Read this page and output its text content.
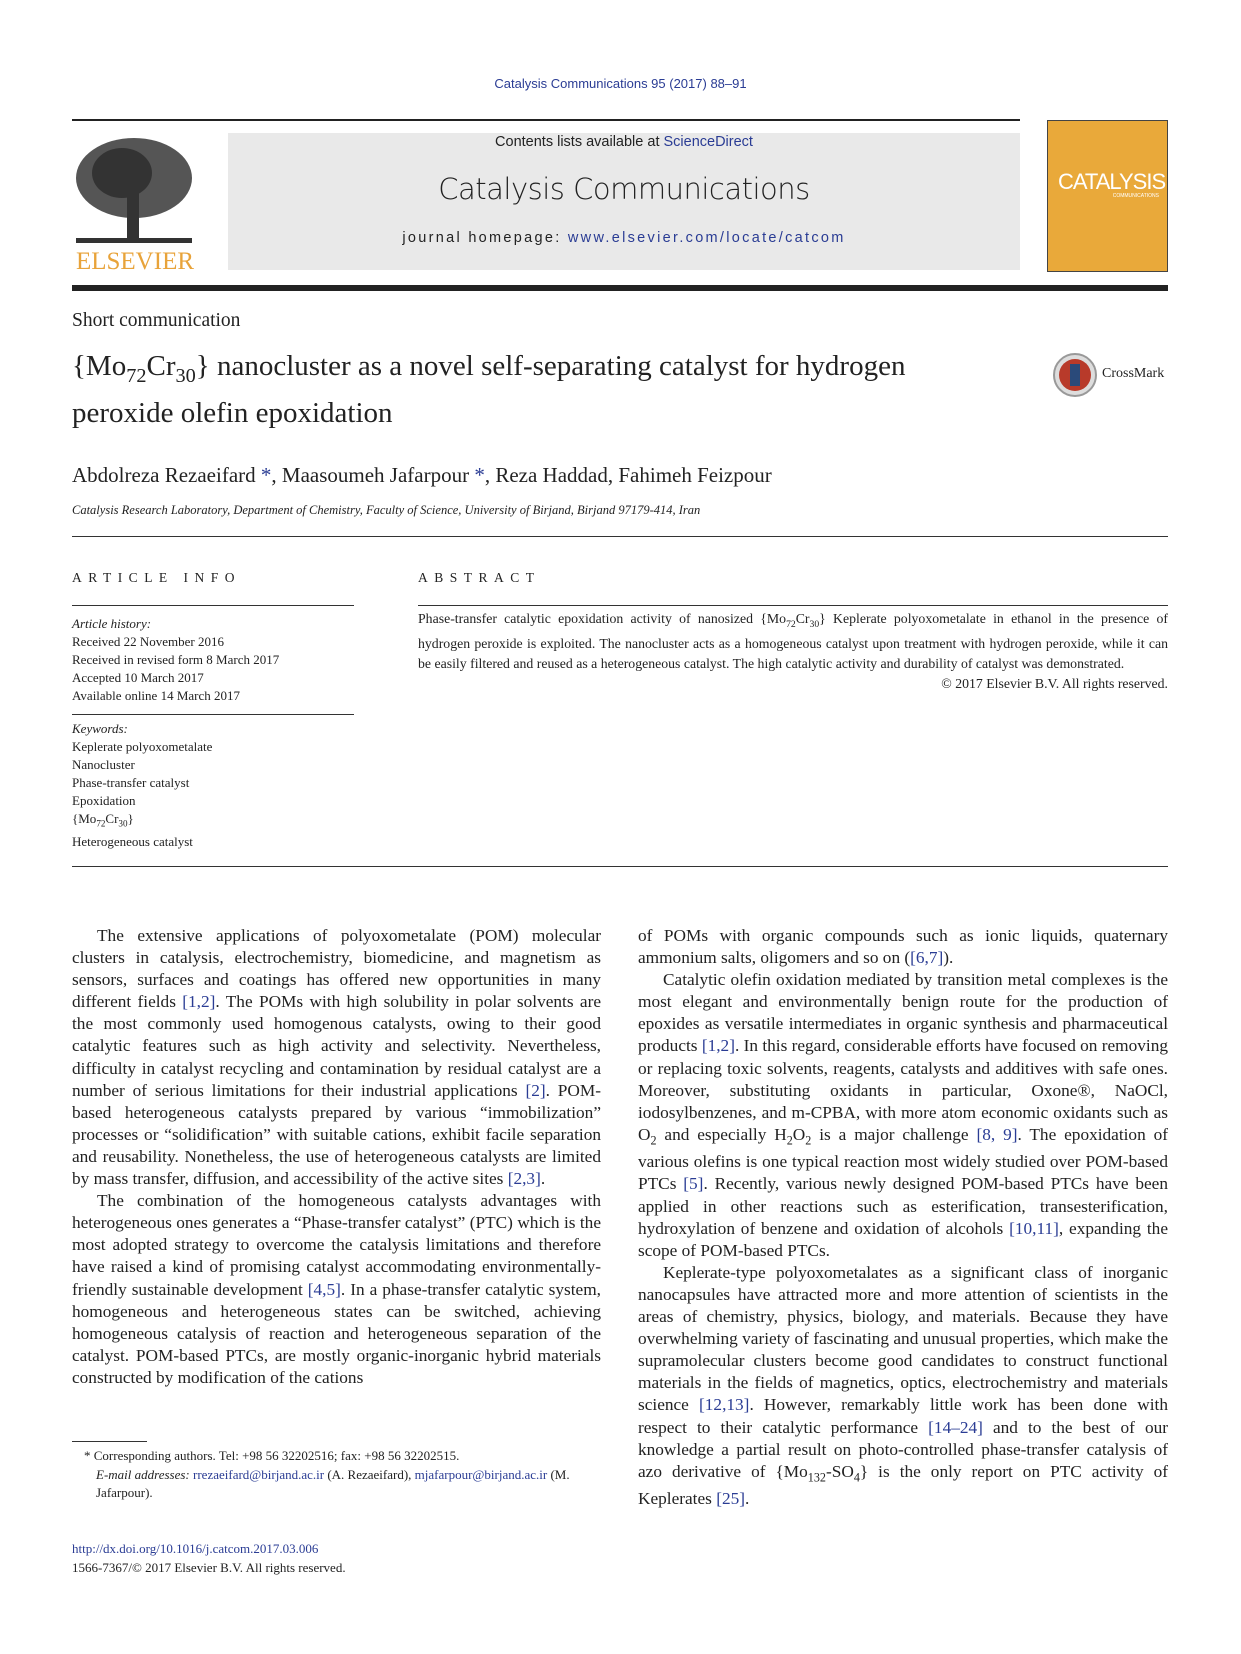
Catalysis Communications 95 (2017) 88–91
ELSEVIER
Contents lists available at ScienceDirect
Catalysis Communications
journal homepage: www.elsevier.com/locate/catcom
CATALYSIS
COMMUNICATIONS
Short communication
$\{Mo_{72}Cr_{30}\}$ nanocluster as a novel self-separating catalyst for hydrogen peroxide olefin epoxidation
CrossMark
Abdolreza Rezaeifard *, Maasoumeh Jafarpour *, Reza Haddad, Fahimeh Feizpour
Catalysis Research Laboratory, Department of Chemistry, Faculty of Science, University of Birjand, Birjand 97179-414, Iran
ARTICLE INFO
Article history:
Received 22 November 2016
Received in revised form 8 March 2017
Accepted 10 March 2017
Available online 14 March 2017
Keywords:
Keplerate polyoxometalate
Nanocluster
Phase-transfer catalyst
Epoxidation
$\{Mo_{72}Cr_{30}\}$
Heterogeneous catalyst
ABSTRACT
Phase-transfer catalytic epoxidation activity of nanosized $\{Mo_{72}Cr_{30}\}$ Keplerate polyoxometalate in ethanol in the presence of hydrogen peroxide is exploited. The nanocluster acts as a homogeneous catalyst upon treatment with hydrogen peroxide, while it can be easily filtered and reused as a heterogeneous catalyst. The high catalytic activity and durability of catalyst was demonstrated.
© 2017 Elsevier B.V. All rights reserved.

The extensive applications of polyoxometalate (POM) molecular clusters in catalysis, electrochemistry, biomedicine, and magnetism as sensors, surfaces and coatings has offered new opportunities in many different fields [1,2]. The POMs with high solubility in polar solvents are the most commonly used homogenous catalysts, owing to their good catalytic features such as high activity and selectivity. Nevertheless, difficulty in catalyst recycling and contamination by residual catalyst are a number of serious limitations for their industrial applications [2]. POM-based heterogeneous catalysts prepared by various “immobilization” processes or “solidification” with suitable cations, exhibit facile separation and reusability. Nonetheless, the use of heterogeneous catalysts are limited by mass transfer, diffusion, and accessibility of the active sites [2,3].

The combination of the homogeneous catalysts advantages with heterogeneous ones generates a “Phase-transfer catalyst” (PTC) which is the most adopted strategy to overcome the catalysis limitations and therefore have raised a kind of promising catalyst accommodating environmentally-friendly sustainable development [4,5]. In a phase-transfer catalytic system, homogeneous and heterogeneous states can be switched, achieving homogeneous catalysis of reaction and heterogeneous separation of the catalyst. POM-based PTCs, are mostly organic-inorganic hybrid materials constructed by modification of the cations

of POMs with organic compounds such as ionic liquids, quaternary ammonium salts, oligomers and so on ([6,7]).

Catalytic olefin oxidation mediated by transition metal complexes is the most elegant and environmentally benign route for the production of epoxides as versatile intermediates in organic synthesis and pharmaceutical products [1,2]. In this regard, considerable efforts have focused on removing or replacing toxic solvents, reagents, catalysts and additives with safe ones. Moreover, substituting oxidants in particular, Oxone®, NaOCl, iodosylbenzenes, and m-CPBA, with more atom economic oxidants such as $O_2$ and especially $H_2O_2$ is a major challenge [8, 9]. The epoxidation of various olefins is one typical reaction most widely studied over POM-based PTCs [5]. Recently, various newly designed POM-based PTCs have been applied in other reactions such as esterification, transesterification, hydroxylation of benzene and oxidation of alcohols [10,11], expanding the scope of POM-based PTCs.

Keplerate-type polyoxometalates as a significant class of inorganic nanocapsules have attracted more and more attention of scientists in the areas of chemistry, physics, biology, and materials. Because they have overwhelming variety of fascinating and unusual properties, which make the supramolecular clusters become good candidates to construct functional materials in the fields of magnetics, optics, electrochemistry and materials science [12,13]. However, remarkably little work has been done with respect to their catalytic performance [14–24] and to the best of our knowledge a partial result on photo-controlled phase-transfer catalysis of azo derivative of $\{Mo_{132}-SO_4\}$ is the only report on PTC activity of Keplerates [25].

* Corresponding authors. Tel: +98 56 32202516; fax: +98 56 32202515.
E-mail addresses: rrezaeifard@birjand.ac.ir (A. Rezaeifard), mjafarpour@birjand.ac.ir (M. Jafarpour).
http://dx.doi.org/10.1016/j.catcom.2017.03.006
1566-7367/© 2017 Elsevier B.V. All rights reserved.
